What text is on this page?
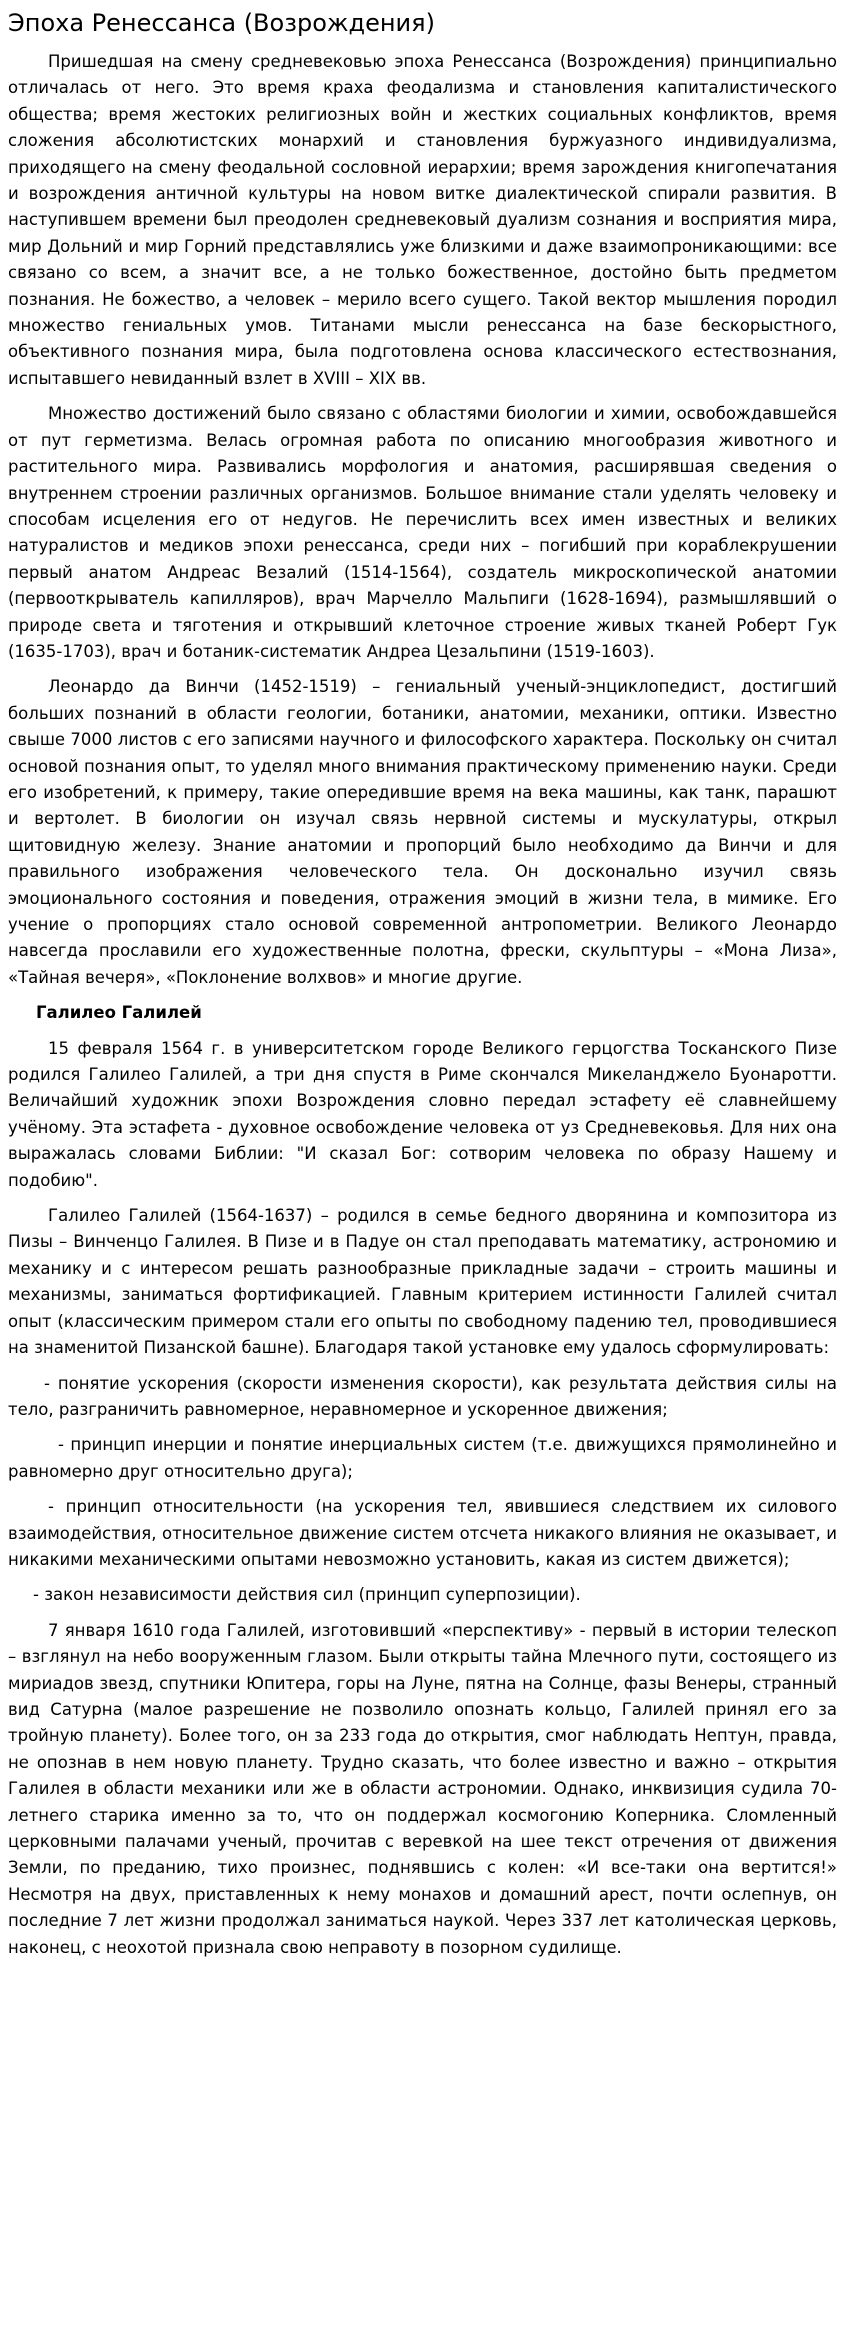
Эпоха Ренессанса (Возрождения)

Пришедшая на смену средневековью эпоха Ренессанса (Возрождения) принципиально отличалась от него. Это время краха феодализма и становления капиталистического общества; время жестоких религиозных войн и жестких социальных конфликтов, время сложения абсолютистских монархий и становления буржуазного индивидуализма, приходящего на смену феодальной сословной иерархии; время зарождения книгопечатания и возрождения античной культуры на новом витке диалектической спирали развития. В наступившем времени был преодолен средневековый дуализм сознания и восприятия мира, мир Дольний и мир Горний представлялись уже близкими и даже взаимопроникающими: все связано со всем, а значит все, а не только божественное, достойно быть предметом познания. Не божество, а человек – мерило всего сущего. Такой вектор мышления породил множество гениальных умов. Титанами мысли ренессанса на базе бескорыстного, объективного познания мира, была подготовлена основа классического естествознания, испытавшего невиданный взлет в XVIII – XIX вв.

Множество достижений было связано с областями биологии и химии, освобождавшейся от пут герметизма. Велась огромная работа по описанию многообразия животного и растительного мира. Развивались морфология и анатомия, расширявшая сведения о внутреннем строении различных организмов. Большое внимание стали уделять человеку и способам исцеления его от недугов. Не перечислить всех имен известных и великих натуралистов и медиков эпохи ренессанса, среди них – погибший при кораблекрушении первый анатом Андреас Везалий (1514-1564), создатель микроскопической анатомии (первооткрыватель капилляров), врач Марчелло Мальпиги (1628-1694), размышлявший о природе света и тяготения и открывший клеточное строение живых тканей Роберт Гук (1635-1703), врач и ботаник-систематик Андреа Цезальпини (1519-1603).

Леонардо да Винчи (1452-1519) – гениальный ученый-энциклопедист, достигший больших познаний в области геологии, ботаники, анатомии, механики, оптики. Известно свыше 7000 листов с его записями научного и философского характера. Поскольку он считал основой познания опыт, то уделял много внимания практическому применению науки. Среди его изобретений, к примеру, такие опередившие время на века машины, как танк, парашют и вертолет. В биологии он изучал связь нервной системы и мускулатуры, открыл щитовидную железу. Знание анатомии и пропорций было необходимо да Винчи и для правильного изображения человеческого тела. Он досконально изучил связь эмоционального состояния и поведения, отражения эмоций в жизни тела, в мимике. Его учение о пропорциях стало основой современной антропометрии. Великого Леонардо навсегда прославили его художественные полотна, фрески, скульптуры – «Мона Лиза», «Тайная вечеря», «Поклонение волхвов» и многие другие.

Галилео Галилей

15 февраля 1564 г. в университетском городе Великого герцогства Тосканского Пизе родился Галилео Галилей, а три дня спустя в Риме скончался Микеланджело Буонаротти. Величайший художник эпохи Возрождения словно передал эстафету её славнейшему учёному. Эта эстафета - духовное освобождение человека от уз Средневековья. Для них она выражалась словами Библии: "И сказал Бог: сотворим человека по образу Нашему и подобию".

Галилео Галилей (1564-1637) – родился в семье бедного дворянина и композитора из Пизы – Винченцо Галилея. В Пизе и в Падуе он стал преподавать математику, астрономию и механику и с интересом решать разнообразные прикладные задачи – строить машины и механизмы, заниматься фортификацией. Главным критерием истинности Галилей считал опыт (классическим примером стали его опыты по свободному падению тел, проводившиеся на знаменитой Пизанской башне). Благодаря такой установке ему удалось сформулировать:

- понятие ускорения (скорости изменения скорости), как результата действия силы на тело, разграничить равномерное, неравномерное и ускоренное движения;

- принцип инерции и понятие инерциальных систем (т.е. движущихся прямолинейно и равномерно друг относительно друга);

- принцип относительности (на ускорения тел, явившиеся следствием их силового взаимодействия, относительное движение систем отсчета никакого влияния не оказывает, и никакими механическими опытами невозможно установить, какая из систем движется);

- закон независимости действия сил (принцип суперпозиции).

7 января 1610 года Галилей, изготовивший «перспективу» - первый в истории телескоп – взглянул на небо вооруженным глазом. Были открыты тайна Млечного пути, состоящего из мириадов звезд, спутники Юпитера, горы на Луне, пятна на Солнце, фазы Венеры, странный вид Сатурна (малое разрешение не позволило опознать кольцо, Галилей принял его за тройную планету). Более того, он за 233 года до открытия, смог наблюдать Нептун, правда, не опознав в нем новую планету. Трудно сказать, что более известно и важно – открытия Галилея в области механики или же в области астрономии. Однако, инквизиция судила 70-летнего старика именно за то, что он поддержал космогонию Коперника. Сломленный церковными палачами ученый, прочитав с веревкой на шее текст отречения от движения Земли, по преданию, тихо произнес, поднявшись с колен: «И все-таки она вертится!» Несмотря на двух, приставленных к нему монахов и домашний арест, почти ослепнув, он последние 7 лет жизни продолжал заниматься наукой. Через 337 лет католическая церковь, наконец, с неохотой признала свою неправоту в позорном судилище.
